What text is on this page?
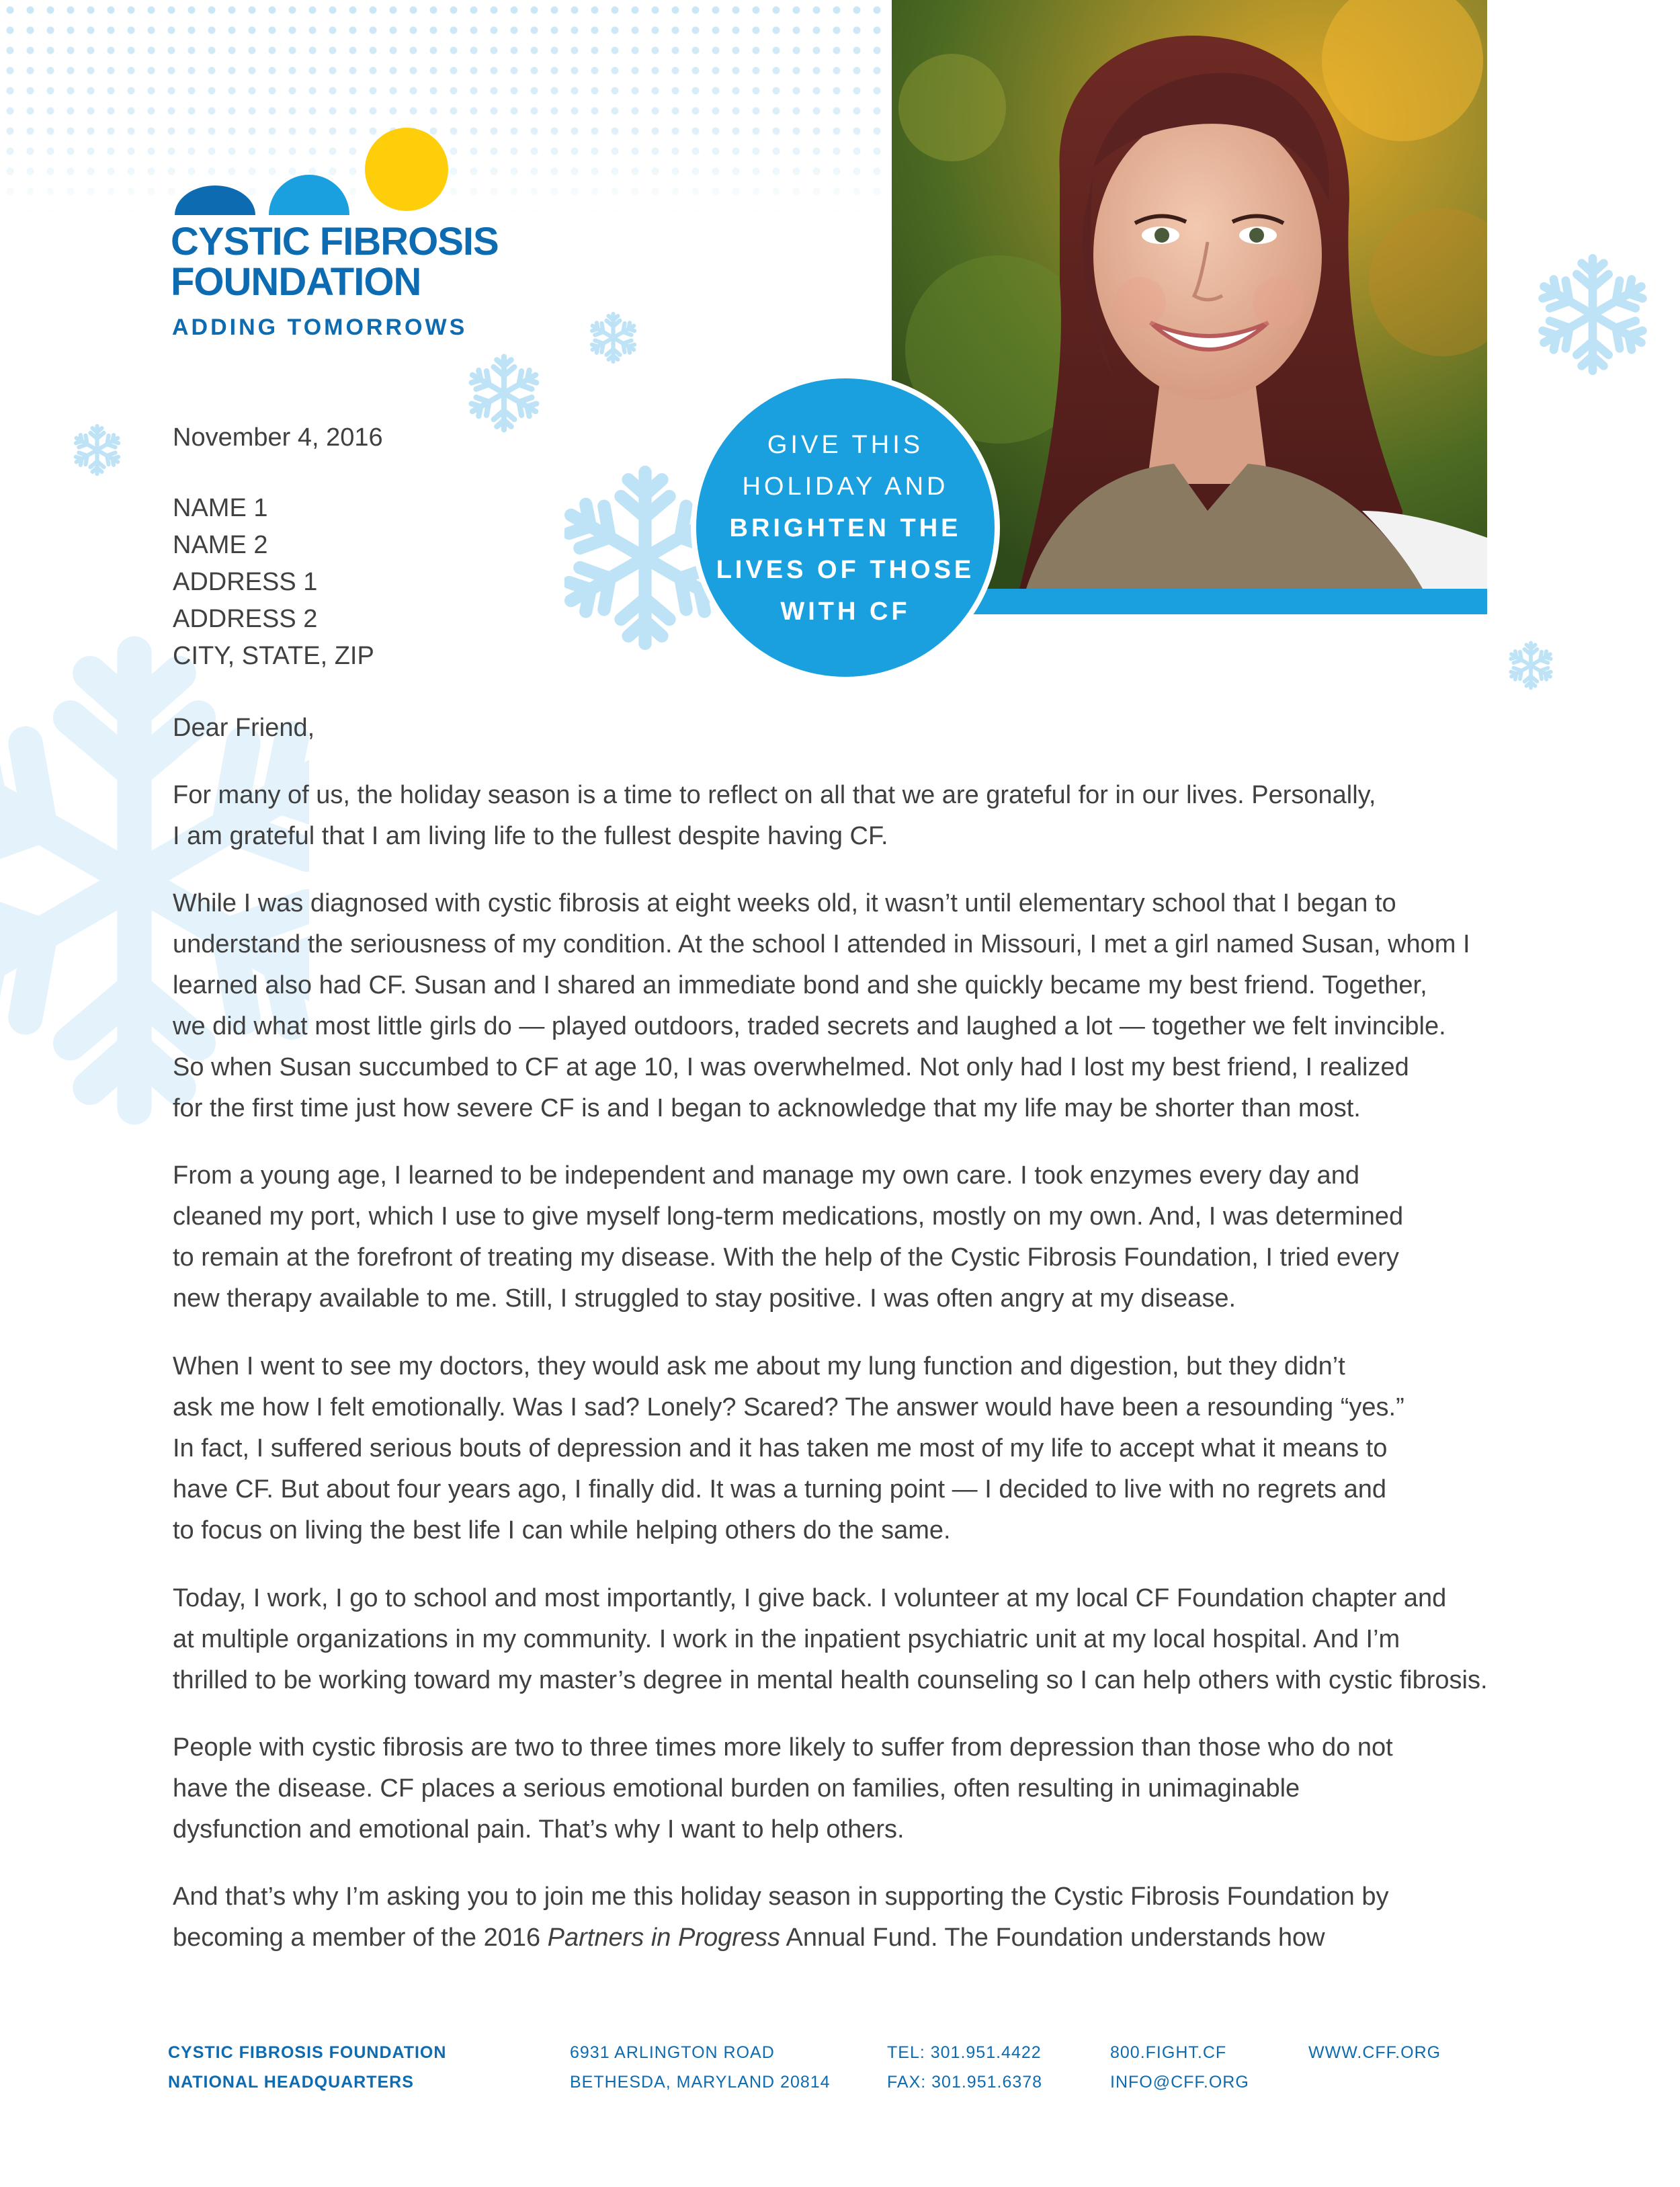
CYSTIC FIBROSIS
FOUNDATION
ADDING TOMORROWS
GIVE THIS
HOLIDAY AND
BRIGHTEN THE
LIVES OF THOSE
WITH CF
November 4, 2016
NAME 1
NAME 2
ADDRESS 1
ADDRESS 2
CITY, STATE, ZIP
Dear Friend,
For many of us, the holiday season is a time to reflect on all that we are grateful for in our lives. Personally,
I am grateful that I am living life to the fullest despite having CF.
While I was diagnosed with cystic fibrosis at eight weeks old, it wasn’t until elementary school that I began to
understand the seriousness of my condition. At the school I attended in Missouri, I met a girl named Susan, whom I
learned also had CF. Susan and I shared an immediate bond and she quickly became my best friend. Together,
we did what most little girls do — played outdoors, traded secrets and laughed a lot — together we felt invincible.
So when Susan succumbed to CF at age 10, I was overwhelmed. Not only had I lost my best friend, I realized
for the first time just how severe CF is and I began to acknowledge that my life may be shorter than most.
From a young age, I learned to be independent and manage my own care. I took enzymes every day and
cleaned my port, which I use to give myself long-term medications, mostly on my own. And, I was determined
to remain at the forefront of treating my disease. With the help of the Cystic Fibrosis Foundation, I tried every
new therapy available to me. Still, I struggled to stay positive. I was often angry at my disease.
When I went to see my doctors, they would ask me about my lung function and digestion, but they didn’t
ask me how I felt emotionally. Was I sad? Lonely? Scared? The answer would have been a resounding “yes.”
In fact, I suffered serious bouts of depression and it has taken me most of my life to accept what it means to
have CF. But about four years ago, I finally did. It was a turning point — I decided to live with no regrets and
to focus on living the best life I can while helping others do the same.
Today, I work, I go to school and most importantly, I give back. I volunteer at my local CF Foundation chapter and
at multiple organizations in my community. I work in the inpatient psychiatric unit at my local hospital. And I’m
thrilled to be working toward my master’s degree in mental health counseling so I can help others with cystic fibrosis.
People with cystic fibrosis are two to three times more likely to suffer from depression than those who do not
have the disease. CF places a serious emotional burden on families, often resulting in unimaginable
dysfunction and emotional pain. That’s why I want to help others.
And that’s why I’m asking you to join me this holiday season in supporting the Cystic Fibrosis Foundation by
becoming a member of the 2016 Partners in Progress Annual Fund. The Foundation understands how
CYSTIC FIBROSIS FOUNDATION
NATIONAL HEADQUARTERS
6931 ARLINGTON ROAD
BETHESDA, MARYLAND 20814
TEL: 301.951.4422
FAX: 301.951.6378
800.FIGHT.CF
INFO@CFF.ORG
WWW.CFF.ORG
